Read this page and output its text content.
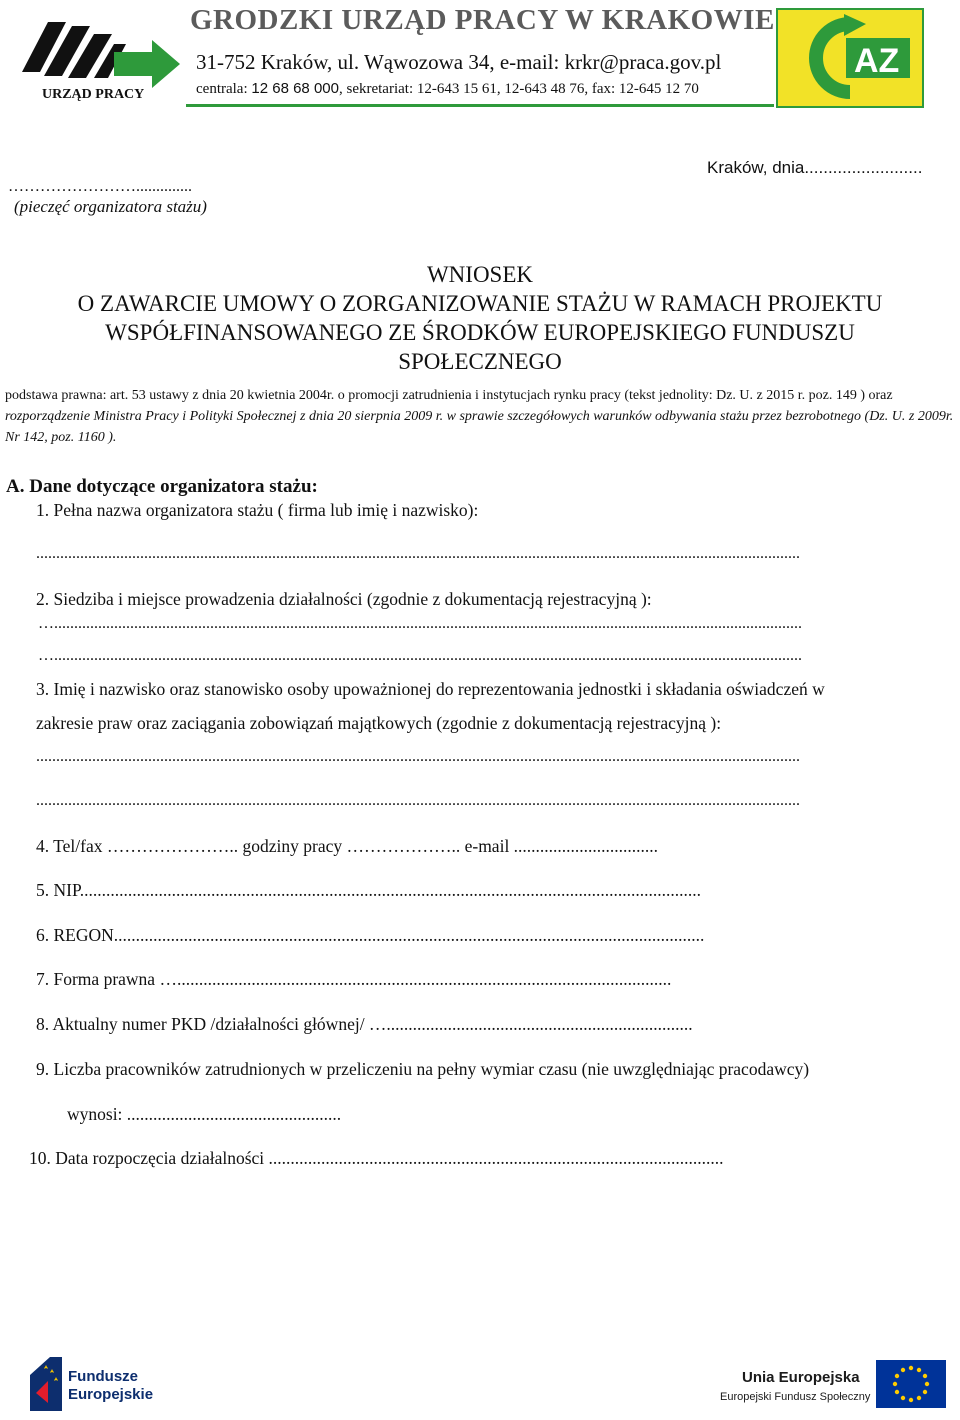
URZĄD PRACY
GRODZKI URZĄD PRACY W KRAKOWIE
31-752 Kraków, ul. Wąwozowa 34, e-mail: krkr@praca.gov.pl
centrala: 12 68 68 000, sekretariat: 12-643 15 61, 12-643 48 76, fax: 12-645 12 70
AZ
……………………..............
(pieczęć organizatora stażu)
Kraków, dnia.........................
WNIOSEK
O ZAWARCIE UMOWY O ZORGANIZOWANIE STAŻU W RAMACH PROJEKTU
WSPÓŁFINANSOWANEGO ZE ŚRODKÓW EUROPEJSKIEGO FUNDUSZU
SPOŁECZNEGO
podstawa prawna: art. 53 ustawy z dnia 20 kwietnia 2004r. o promocji zatrudnienia i instytucjach rynku pracy (tekst jednolity: Dz. U. z 2015 r. poz. 149 ) oraz rozporządzenie Ministra Pracy i Polityki Społecznej z dnia 20 sierpnia 2009 r. w sprawie szczegółowych warunków odbywania stażu przez bezrobotnego (Dz. U. z 2009r. Nr 142, poz. 1160 ).
A. Dane dotyczące organizatora stażu:
1. Pełna nazwa organizatora stażu ( firma lub imię i nazwisko):
...............................................................................................................................................................................................
2. Siedziba i miejsce prowadzenia działalności (zgodnie z dokumentacją rejestracyjną ):
…...........................................................................................................................................................................................
…...........................................................................................................................................................................................
3. Imię i nazwisko oraz stanowisko osoby upoważnionej do reprezentowania jednostki i składania oświadczeń w
zakresie praw oraz zaciągania zobowiązań majątkowych (zgodnie z dokumentacją rejestracyjną ):
...............................................................................................................................................................................................
...............................................................................................................................................................................................
4. Tel/fax ………………….. godziny pracy ……………….. e-mail .................................
5. NIP..............................................................................................................................................
6. REGON.......................................................................................................................................
7. Forma prawna ….................................................................................................................
8. Aktualny numer PKD /działalności głównej/ …......................................................................
9. Liczba pracowników zatrudnionych w przeliczeniu na pełny wymiar czasu (nie uwzględniając pracodawcy)
wynosi: .................................................
10. Data rozpoczęcia działalności ........................................................................................................
Fundusze
Europejskie
Unia Europejska
Europejski Fundusz Społeczny
